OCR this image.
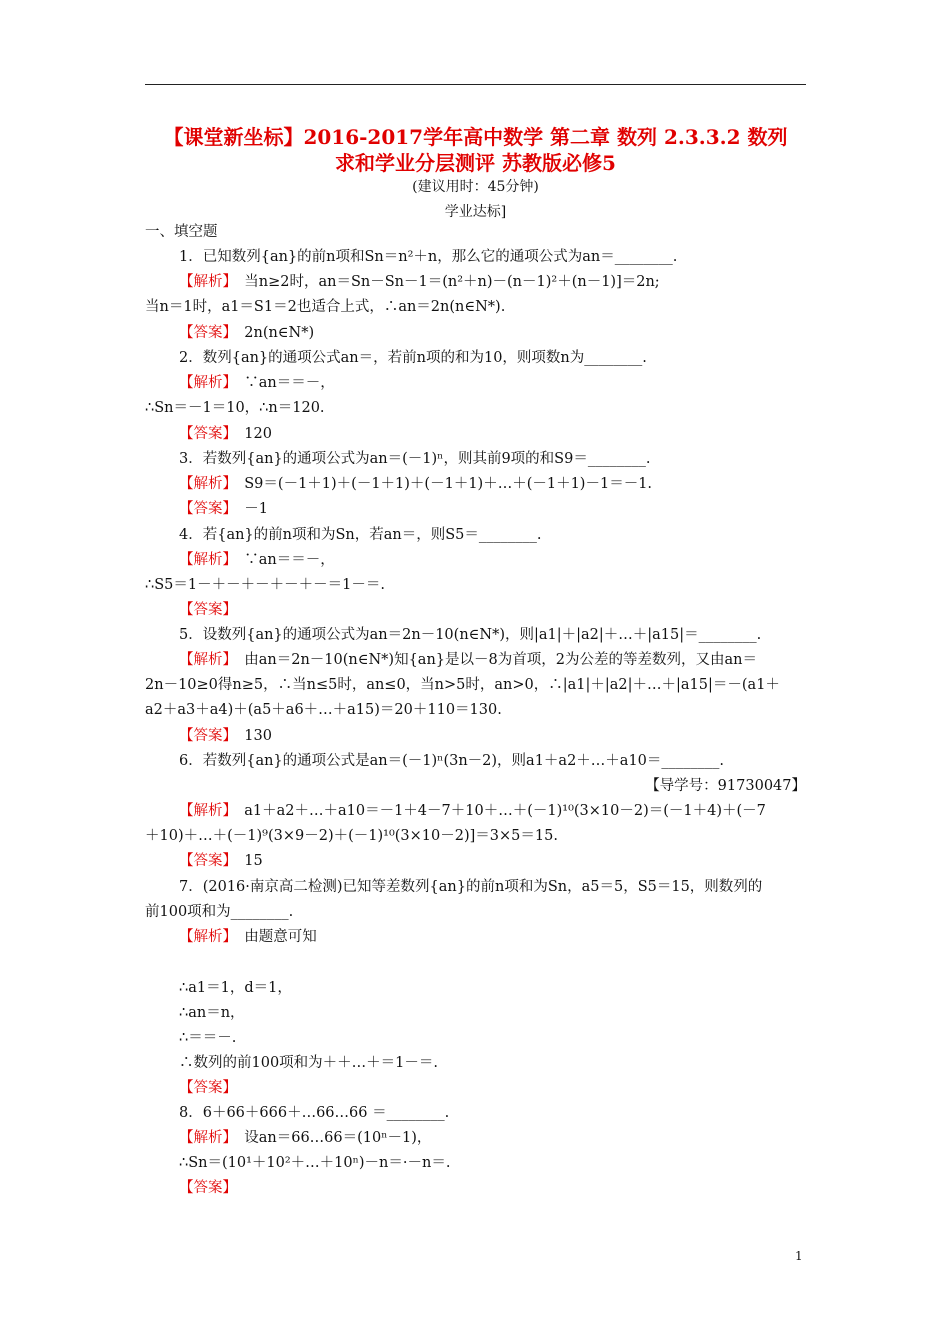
【课堂新坐标】2016-2017学年高中数学 第二章 数列 2.3.3.2 数列
求和学业分层测评 苏教版必修5
(建议用时：45分钟)
学业达标]
一、填空题
1．已知数列{an}的前n项和Sn＝n²＋n，那么它的通项公式为an＝________.
【解析】　当n≥2时，an＝Sn－Sn－1＝(n²＋n)－(n－1)²＋(n－1)]＝2n;
当n＝1时，a1＝S1＝2也适合上式，∴an＝2n(n∈N*).
【答案】　2n(n∈N*)
2．数列{an}的通项公式an＝，若前n项的和为10，则项数n为________.
【解析】　∵an＝＝－，
∴Sn＝－1＝10，∴n＝120.
【答案】　120
3．若数列{an}的通项公式为an＝(－1)ⁿ，则其前9项的和S9＝________.
【解析】　S9＝(－1＋1)＋(－1＋1)＋(－1＋1)＋…＋(－1＋1)－1＝－1.
【答案】　－1
4．若{an}的前n项和为Sn，若an＝，则S5＝________.
【解析】　∵an＝＝－，
∴S5＝1－＋－＋－＋－＋－＝1－＝.
【答案】
5．设数列{an}的通项公式为an＝2n－10(n∈N*)，则|a1|＋|a2|＋…＋|a15|＝________.
【解析】　由an＝2n－10(n∈N*)知{an}是以－8为首项，2为公差的等差数列，又由an＝
2n－10≥0得n≥5，∴当n≤5时，an≤0，当n>5时，an>0，∴|a1|＋|a2|＋…＋|a15|＝－(a1＋
a2＋a3＋a4)＋(a5＋a6＋…＋a15)＝20＋110＝130.
【答案】　130
6．若数列{an}的通项公式是an＝(－1)ⁿ(3n－2)，则a1＋a2＋…＋a10＝________.
【解析】　a1＋a2＋…＋a10＝－1＋4－7＋10＋…＋(－1)¹⁰(3×10－2)＝(－1＋4)＋(－7
＋10)＋…＋(－1)⁹(3×9－2)＋(－1)¹⁰(3×10－2)]＝3×5＝15.
【答案】　15
7．(2016·南京高二检测)已知等差数列{an}的前n项和为Sn，a5＝5，S5＝15，则数列的
前100项和为________.
【解析】　由题意可知
∴a1＝1，d＝1，
∴an＝n，
∴＝＝－.
∴数列的前100项和为＋＋…＋＝1－＝.
【答案】
8．6＋66＋666＋…66…66 ＝________.
【解析】　设an＝66…66＝(10ⁿ－1)，
∴Sn＝(10¹＋10²＋…＋10ⁿ)－n＝·－n＝.
【答案】
【导学号：91730047】
1
